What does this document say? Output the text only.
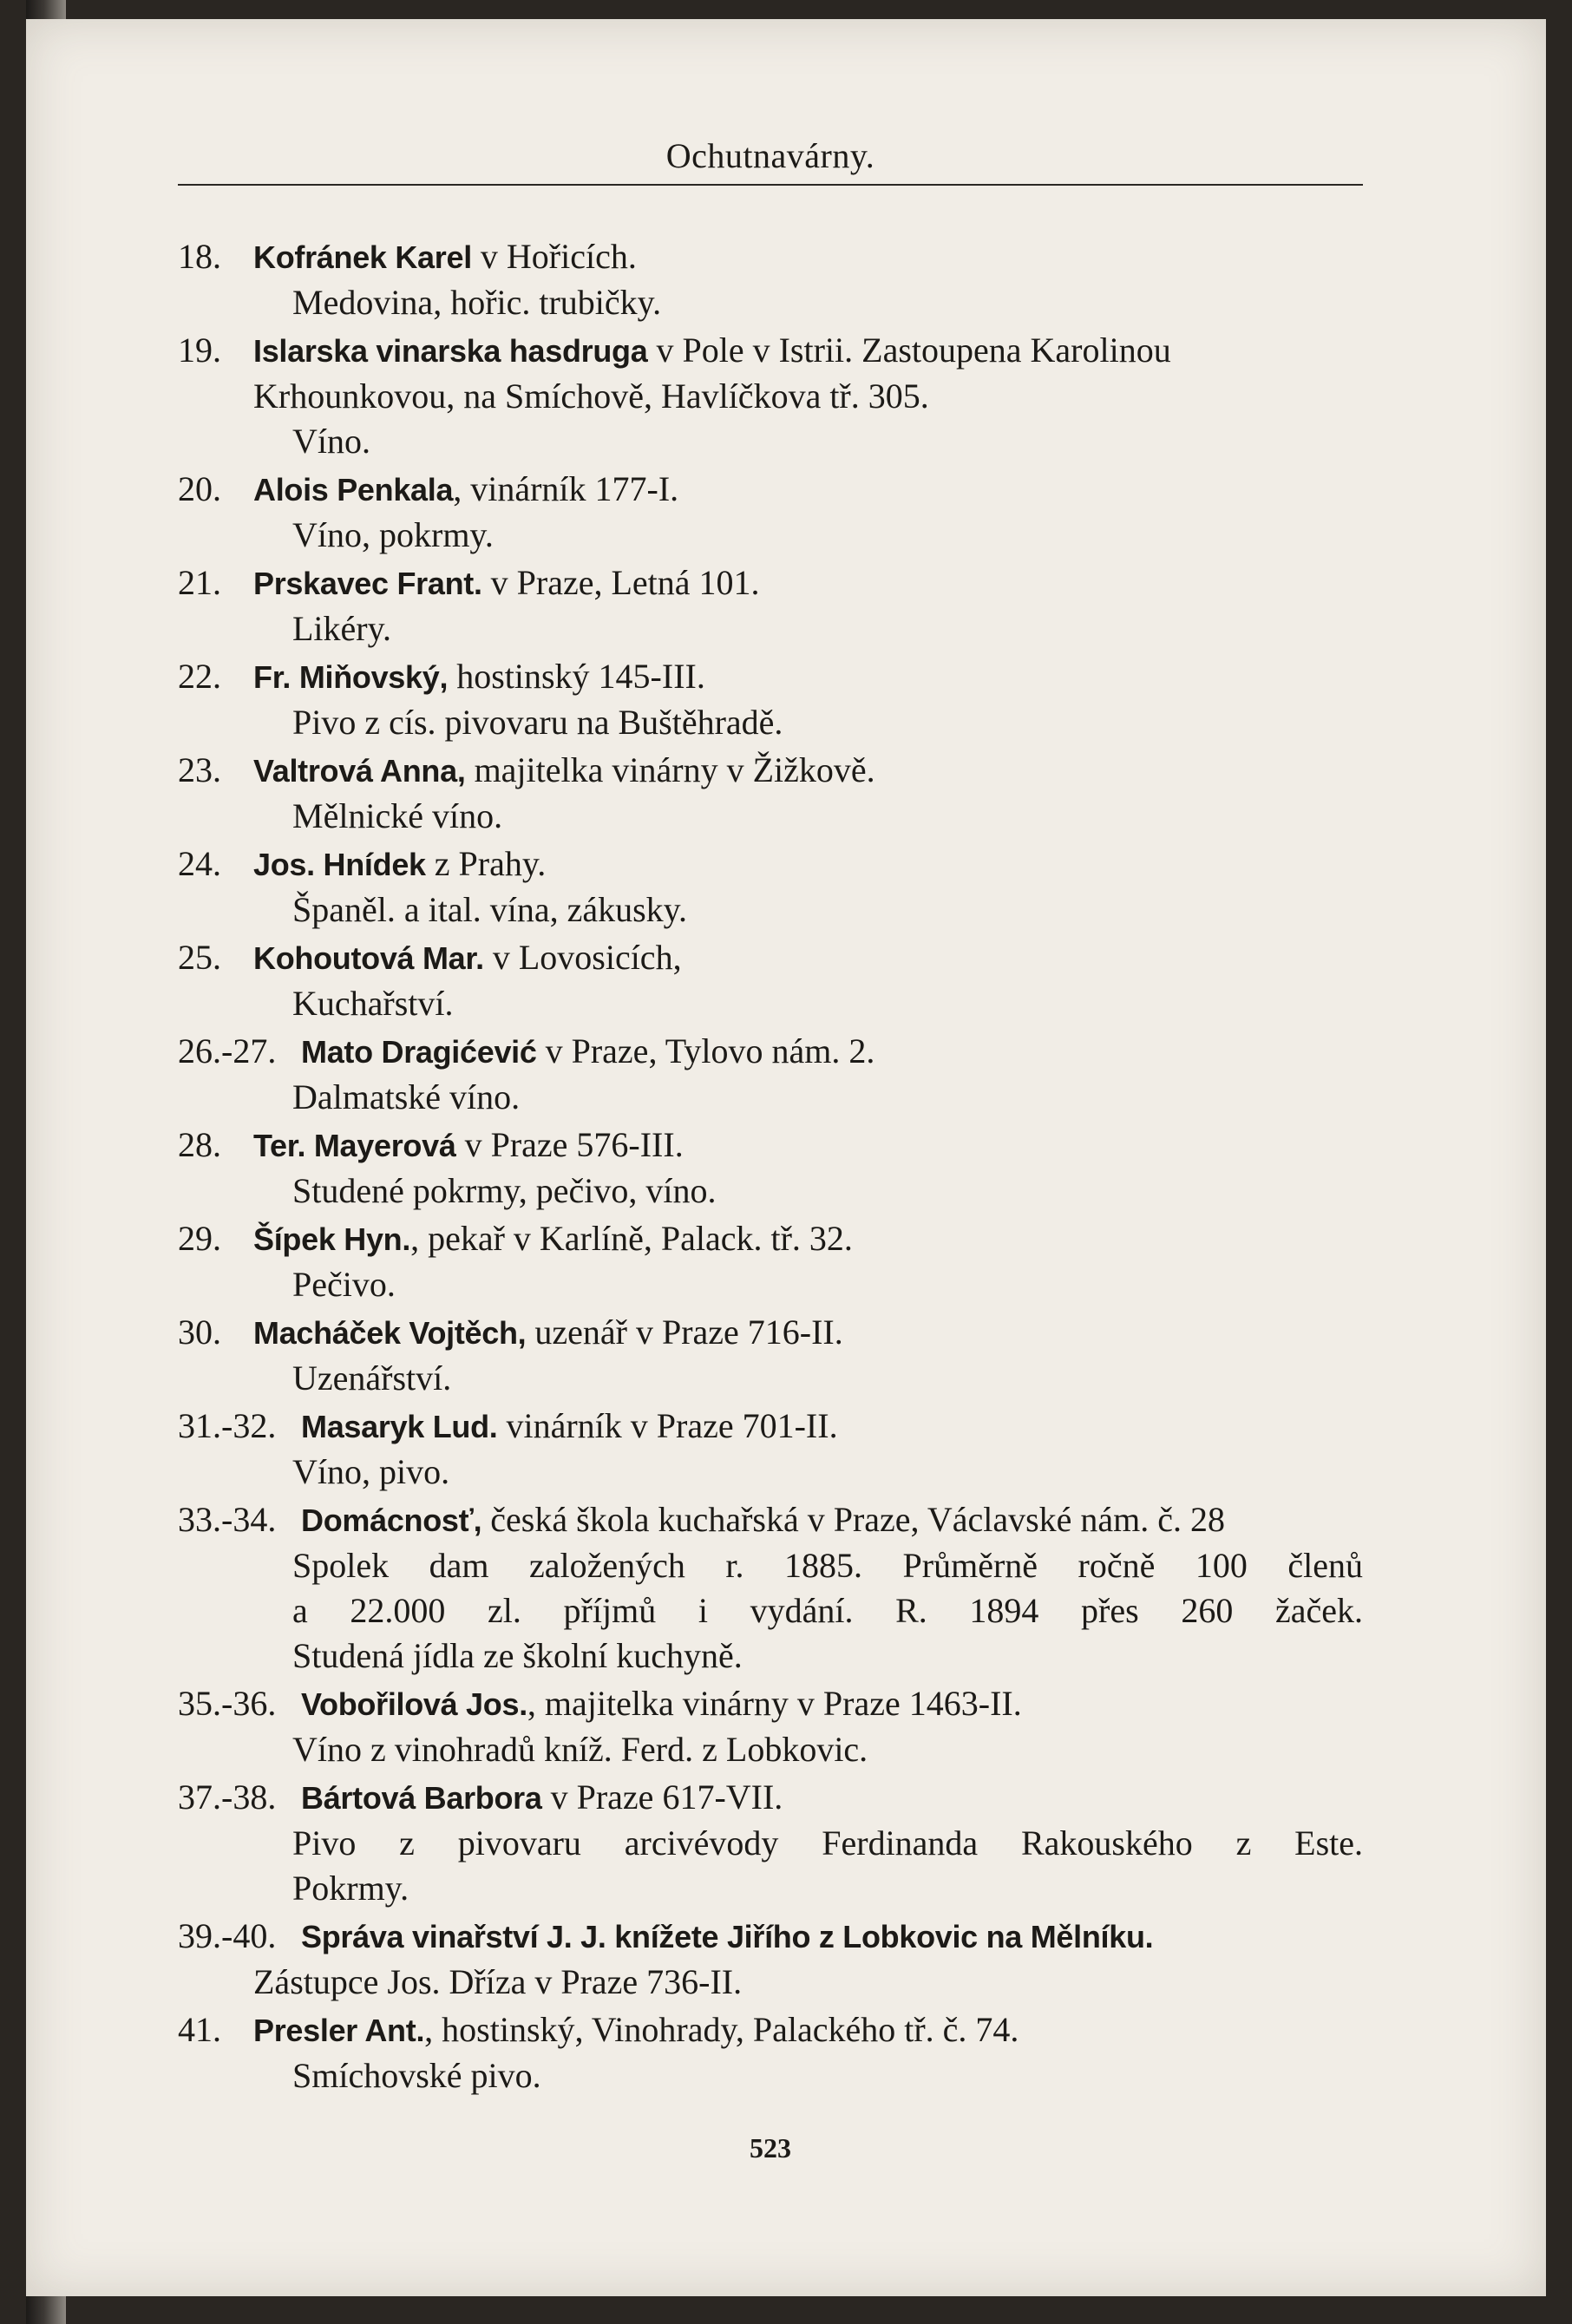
Ochutnavárny.
18.	Kofránek Karel v Hořicích.
Medovina, hořic. trubičky.
19.	Islarska vinarska hasdruga v Pole v Istrii. Zastoupena Karolinou
Krhounkovou, na Smíchově, Havlíčkova tř. 305.
Víno.
20.	Alois Penkala, vinárník 177-I.
Víno, pokrmy.
21.	Prskavec Frant. v Praze, Letná 101.
Likéry.
22.	Fr. Miňovský, hostinský 145-III.
Pivo z cís. pivovaru na Buštěhradě.
23.	Valtrová Anna, majitelka vinárny v Žižkově.
Mělnické víno.
24.	Jos. Hnídek z Prahy.
Španěl. a ital. vína, zákusky.
25.	Kohoutová Mar. v Lovosicích,
Kuchařství.
26.-27. Mato Dragićević v Praze, Tylovo nám. 2.
Dalmatské víno.
28.	Ter. Mayerová v Praze 576-III.
Studené pokrmy, pečivo, víno.
29.	Šípek Hyn., pekař v Karlíně, Palack. tř. 32.
Pečivo.
30.	Macháček Vojtěch, uzenář v Praze 716-II.
Uzenářství.
31.-32. Masaryk Lud. vinárník v Praze 701-II.
Víno, pivo.
33.-34. Domácnosť, česká škola kuchařská v Praze, Václavské nám. č. 28
Spolek dam založených r. 1885. Průměrně ročně 100 členů
a 22.000 zl. příjmů i vydání. R. 1894 přes 260 žaček.
Studená jídla ze školní kuchyně.
35.-36. Vobořilová Jos., majitelka vinárny v Praze 1463-II.
Víno z vinohradů kníž. Ferd. z Lobkovic.
37.-38. Bártová Barbora v Praze 617-VII.
Pivo z pivovaru arcivévody Ferdinanda Rakouského z Este.
Pokrmy.
39.-40. Správa vinařství J. J. knížete Jiřího z Lobkovic na Mělníku.
Zástupce Jos. Dříza v Praze 736-II.
41.	Presler Ant., hostinský, Vinohrady, Palackého tř. č. 74.
Smíchovské pivo.
523
